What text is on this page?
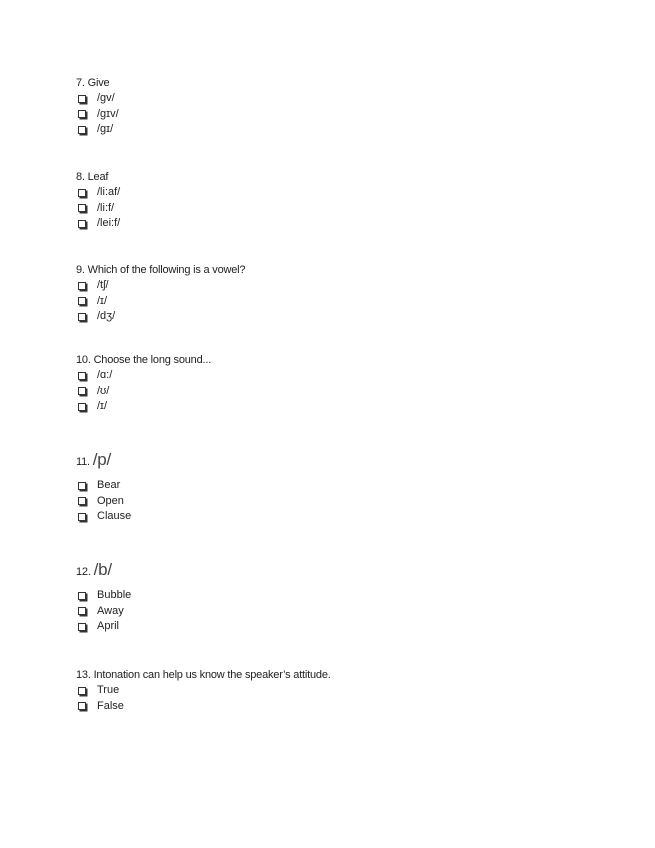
7. Give
/gv/
/gɪv/
/gɪ/
8. Leaf
/li:af/
/li:f/
/lei:f/
9. Which of the following is a vowel?
/tʃ/
/ɪ/
/dʒ/
10. Choose the long sound...
/ɑ:/
/ʊ/
/ɪ/
11. /p/
Bear
Open
Clause
12. /b/
Bubble
Away
April
13. Intonation can help us know the speaker’s attitude.
True
False
